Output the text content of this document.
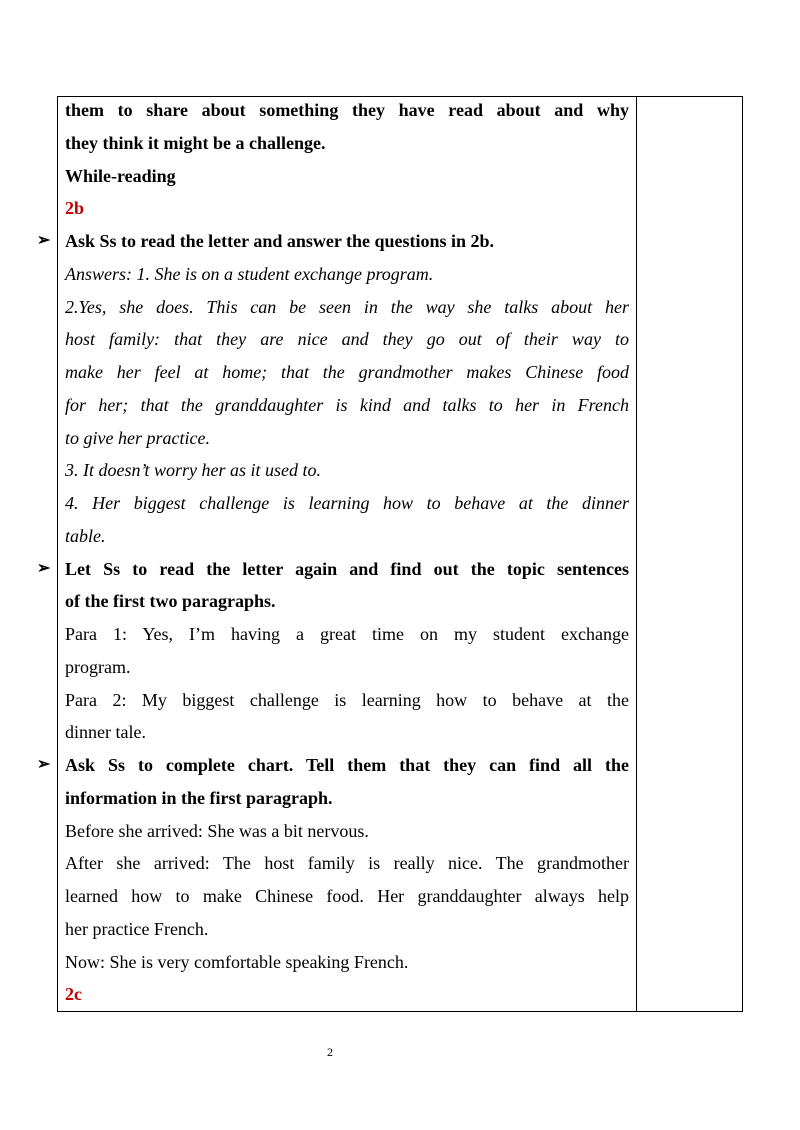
them to share about something they have read about and why
they think it might be a challenge.
While-reading
2b
Ask Ss to read the letter and answer the questions in 2b.
➢
Answers: 1. She is on a student exchange program.
2.Yes, she does. This can be seen in the way she talks about her
host family: that they are nice and they go out of their way to
make her feel at home; that the grandmother makes Chinese food
for her; that the granddaughter is kind and talks to her in French
to give her practice.
3. It doesn’t worry her as it used to.
4. Her biggest challenge is learning how to behave at the dinner
table.
Let Ss to read the letter again and find out the topic sentences
➢
of the first two paragraphs.
Para 1: Yes, I’m having a great time on my student exchange
program.
Para 2: My biggest challenge is learning how to behave at the
dinner tale.
Ask Ss to complete chart. Tell them that they can find all the
➢
information in the first paragraph.
Before she arrived: She was a bit nervous.
After she arrived: The host family is really nice. The grandmother
learned how to make Chinese food. Her granddaughter always help
her practice French.
Now: She is very comfortable speaking French.
2c
2
